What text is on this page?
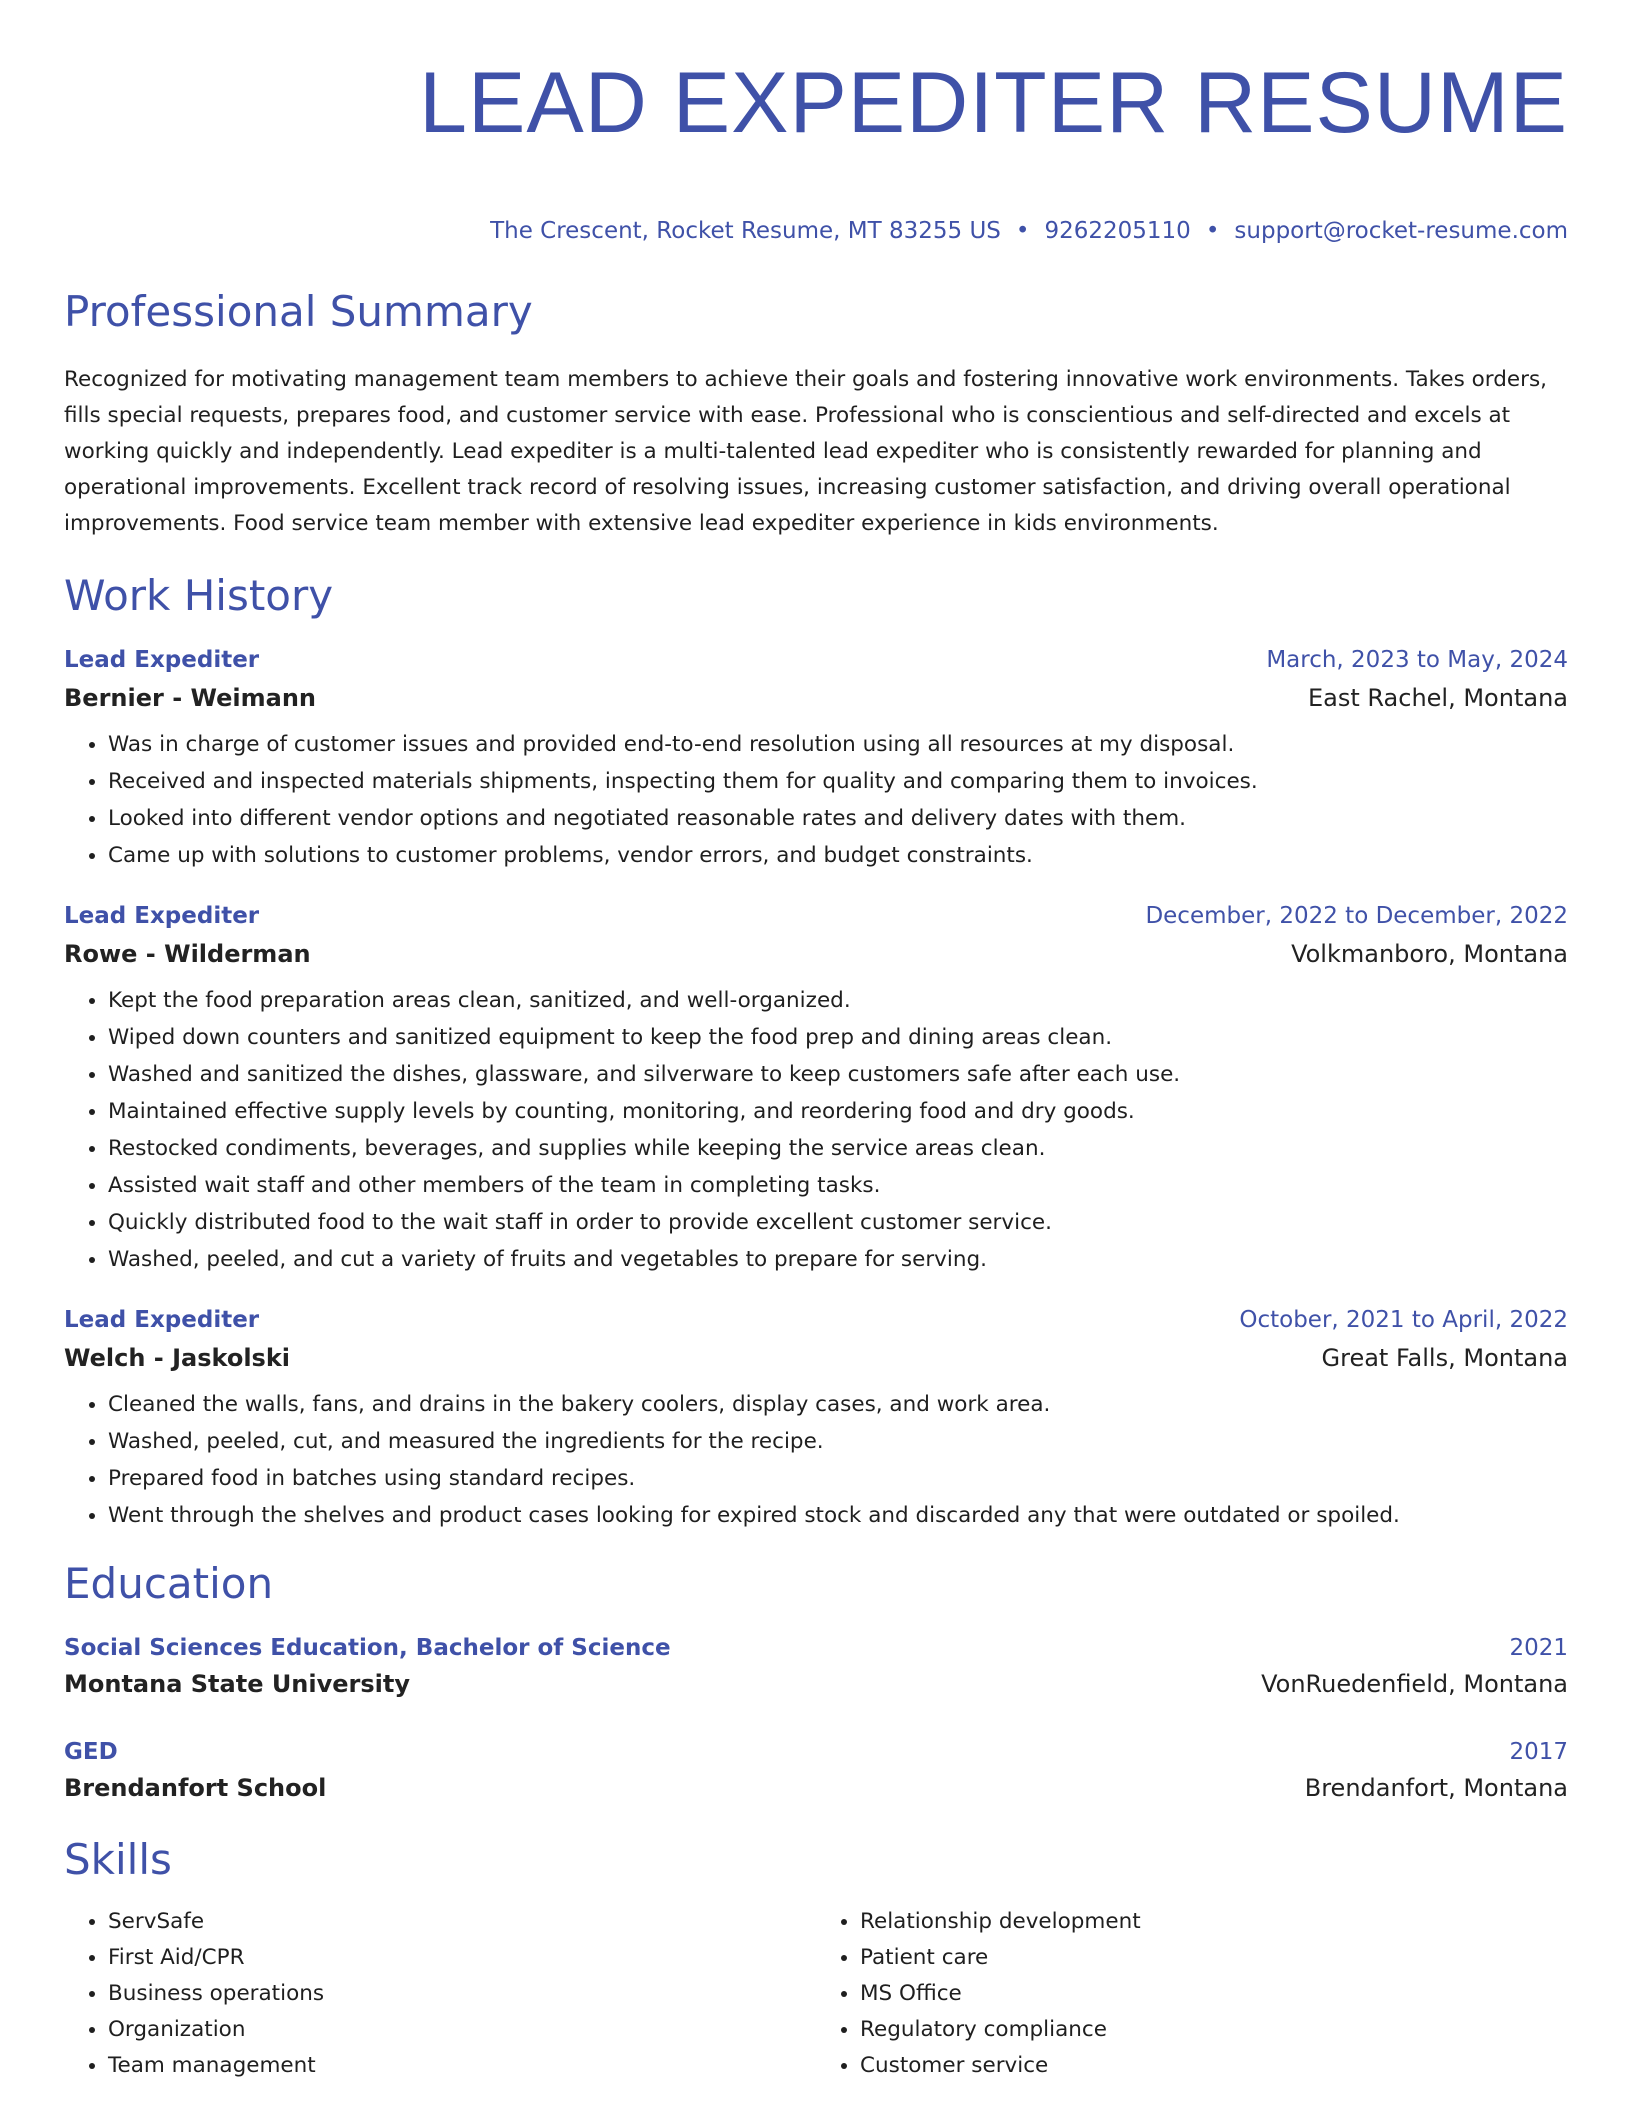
LEAD EXPEDITER RESUME
The Crescent, Rocket Resume, MT 83255 US • 9262205110 • support@rocket-resume.com
Professional Summary

Recognized for motivating management team members to achieve their goals and fostering innovative work environments. Takes orders, fills special requests, prepares food, and customer service with ease. Professional who is conscientious and self-directed and excels at working quickly and independently. Lead expediter is a multi-talented lead expediter who is consistently rewarded for planning and operational improvements. Excellent track record of resolving issues, increasing customer satisfaction, and driving overall operational improvements. Food service team member with extensive lead expediter experience in kids environments.

Work History
Lead Expediter	March, 2023 to May, 2024
Bernier - Weimann	East Rachel, Montana
• Was in charge of customer issues and provided end-to-end resolution using all resources at my disposal.
• Received and inspected materials shipments, inspecting them for quality and comparing them to invoices.
• Looked into different vendor options and negotiated reasonable rates and delivery dates with them.
• Came up with solutions to customer problems, vendor errors, and budget constraints.
Lead Expediter	December, 2022 to December, 2022
Rowe - Wilderman	Volkmanboro, Montana
• Kept the food preparation areas clean, sanitized, and well-organized.
• Wiped down counters and sanitized equipment to keep the food prep and dining areas clean.
• Washed and sanitized the dishes, glassware, and silverware to keep customers safe after each use.
• Maintained effective supply levels by counting, monitoring, and reordering food and dry goods.
• Restocked condiments, beverages, and supplies while keeping the service areas clean.
• Assisted wait staff and other members of the team in completing tasks.
• Quickly distributed food to the wait staff in order to provide excellent customer service.
• Washed, peeled, and cut a variety of fruits and vegetables to prepare for serving.
Lead Expediter	October, 2021 to April, 2022
Welch - Jaskolski	Great Falls, Montana
• Cleaned the walls, fans, and drains in the bakery coolers, display cases, and work area.
• Washed, peeled, cut, and measured the ingredients for the recipe.
• Prepared food in batches using standard recipes.
• Went through the shelves and product cases looking for expired stock and discarded any that were outdated or spoiled.
Education
Social Sciences Education, Bachelor of Science	2021
Montana State University	VonRuedenfield, Montana
GED	2017
Brendanfort School	Brendanfort, Montana
Skills
• ServSafe
• First Aid/CPR
• Business operations
• Organization
• Team management
• Relationship development
• Patient care
• MS Office
• Regulatory compliance
• Customer service
